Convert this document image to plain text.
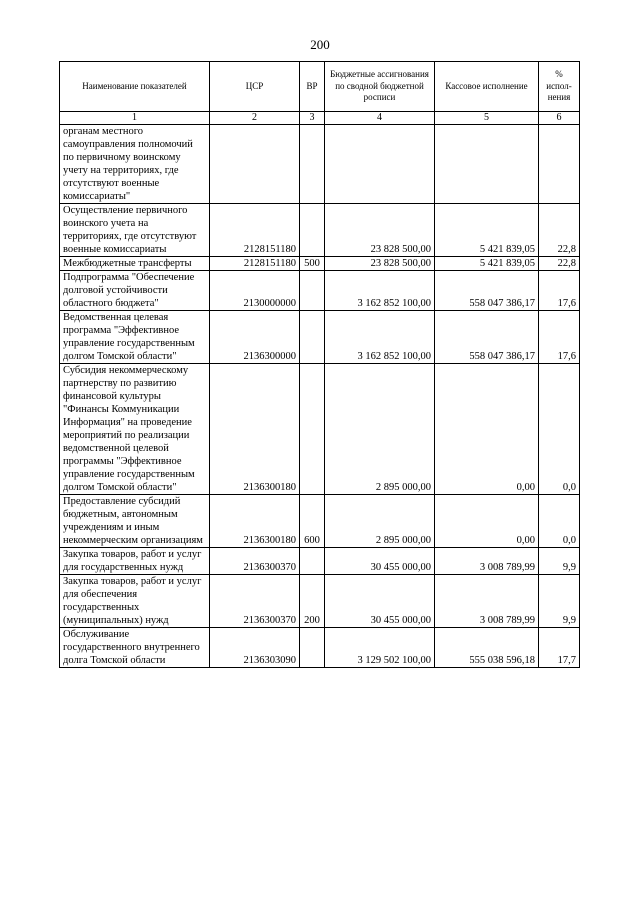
200
Наименование показателей	ЦСР	ВР	Бюджетные ассигнования по сводной бюджетной росписи	Кассовое исполнение	% испол-нения
1	2	3	4	5	6
органам местного самоуправления полномочий по первичному воинскому учету на территориях, где отсутствуют военные комиссариаты"					
Осуществление первичного воинского учета на территориях, где отсутствуют военные комиссариаты	2128151180		23 828 500,00	5 421 839,05	22,8
Межбюджетные трансферты	2128151180	500	23 828 500,00	5 421 839,05	22,8
Подпрограмма "Обеспечение долговой устойчивости областного бюджета"	2130000000		3 162 852 100,00	558 047 386,17	17,6
Ведомственная целевая программа "Эффективное управление государственным долгом Томской области"	2136300000		3 162 852 100,00	558 047 386,17	17,6
Субсидия некоммерческому партнерству по развитию финансовой культуры "Финансы Коммуникации Информация" на проведение мероприятий по реализации ведомственной целевой программы "Эффективное управление государственным долгом Томской области"	2136300180		2 895 000,00	0,00	0,0
Предоставление субсидий бюджетным, автономным учреждениям и иным некоммерческим организациям	2136300180	600	2 895 000,00	0,00	0,0
Закупка товаров, работ и услуг для государственных нужд	2136300370		30 455 000,00	3 008 789,99	9,9
Закупка товаров, работ и услуг для обеспечения государственных (муниципальных) нужд	2136300370	200	30 455 000,00	3 008 789,99	9,9
Обслуживание государственного внутреннего долга Томской области	2136303090		3 129 502 100,00	555 038 596,18	17,7
